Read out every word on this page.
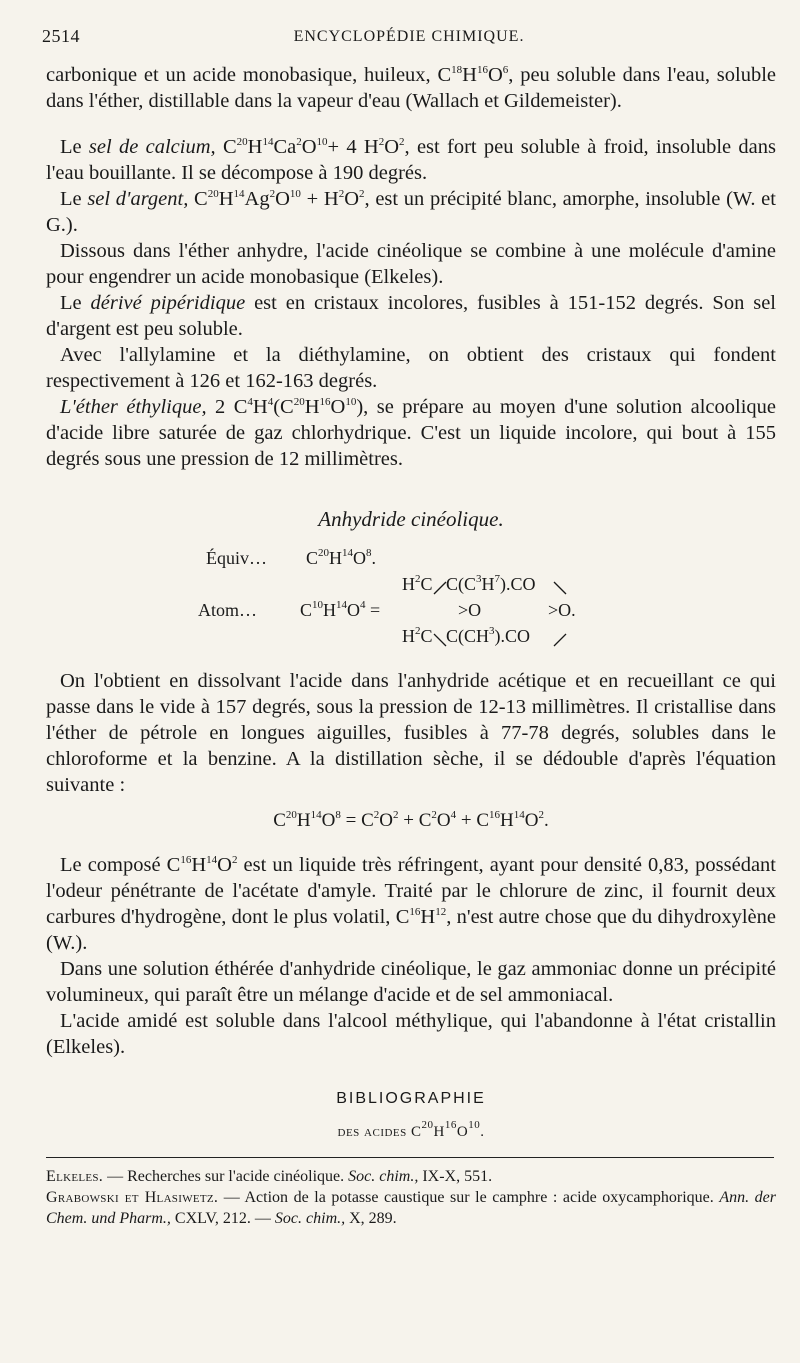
2514	ENCYCLOPÉDIE CHIMIQUE.

carbonique et un acide monobasique, huileux, $C^{18}H^{16}O^6$, peu soluble dans l'eau, soluble dans l'éther, distillable dans la vapeur d'eau (Wallach et Gildemeister).

Le sel de calcium, $C^{20}H^{14}Ca^2O^{10}+ 4$ $H^2O^2$, est fort peu soluble à froid, insoluble dans l'eau bouillante. Il se décompose à 190 degrés.

Le sel d'argent, $C^{20}H^{14}Ag^2O^{10} + H^2O^2$, est un précipité blanc, amorphe, insoluble (W. et G.).

Dissous dans l'éther anhydre, l'acide cinéolique se combine à une molécule d'amine pour engendrer un acide monobasique (Elkeles).

Le dérivé pipéridique est en cristaux incolores, fusibles à 151-152 degrés. Son sel d'argent est peu soluble.

Avec l'allylamine et la diéthylamine, on obtient des cristaux qui fondent respectivement à 126 et 162-163 degrés.

L'éther éthylique, 2 $C^4H^4(C^{20}H^{16}O^{10})$, se prépare au moyen d'une solution alcoolique d'acide libre saturée de gaz chlorhydrique. C'est un liquide incolore, qui bout à 155 degrés sous une pression de 12 millimètres.

Anhydride cinéolique.

Équiv… $C^{20}H^{14}O^8$.
Atom… $C^{10}H^{14}O^4$ =
$H^2C$ $C(C^3H^7).CO$
>O	>O.
$H^2C$ $C(CH^3).CO$

On l'obtient en dissolvant l'acide dans l'anhydride acétique et en recueillant ce qui passe dans le vide à 157 degrés, sous la pression de 12-13 millimètres. Il cristallise dans l'éther de pétrole en longues aiguilles, fusibles à 77-78 degrés, solubles dans le chloroforme et la benzine. A la distillation sèche, il se dédouble d'après l'équation suivante :

$C^{20}H^{14}O^8 = C^2O^2 + C^2O^4 + C^{16}H^{14}O^2$.

Le composé $C^{16}H^{14}O^2$ est un liquide très réfringent, ayant pour densité 0,83, possédant l'odeur pénétrante de l'acétate d'amyle. Traité par le chlorure de zinc, il fournit deux carbures d'hydrogène, dont le plus volatil, $C^{16}H^{12}$, n'est autre chose que du dihydroxylène (W.).

Dans une solution éthérée d'anhydride cinéolique, le gaz ammoniac donne un précipité volumineux, qui paraît être un mélange d'acide et de sel ammoniacal.

L'acide amidé est soluble dans l'alcool méthylique, qui l'abandonne à l'état cristallin (Elkeles).

BIBLIOGRAPHIE
des acides $C^{20}H^{16}O^{10}$.

Elkeles. — Recherches sur l'acide cinéolique. Soc. chim., IX-X, 551.

Grabowski et Hlasiwetz. — Action de la potasse caustique sur le camphre : acide oxycamphorique. Ann. der Chem. und Pharm., CXLV, 212. — Soc. chim., X, 289.
